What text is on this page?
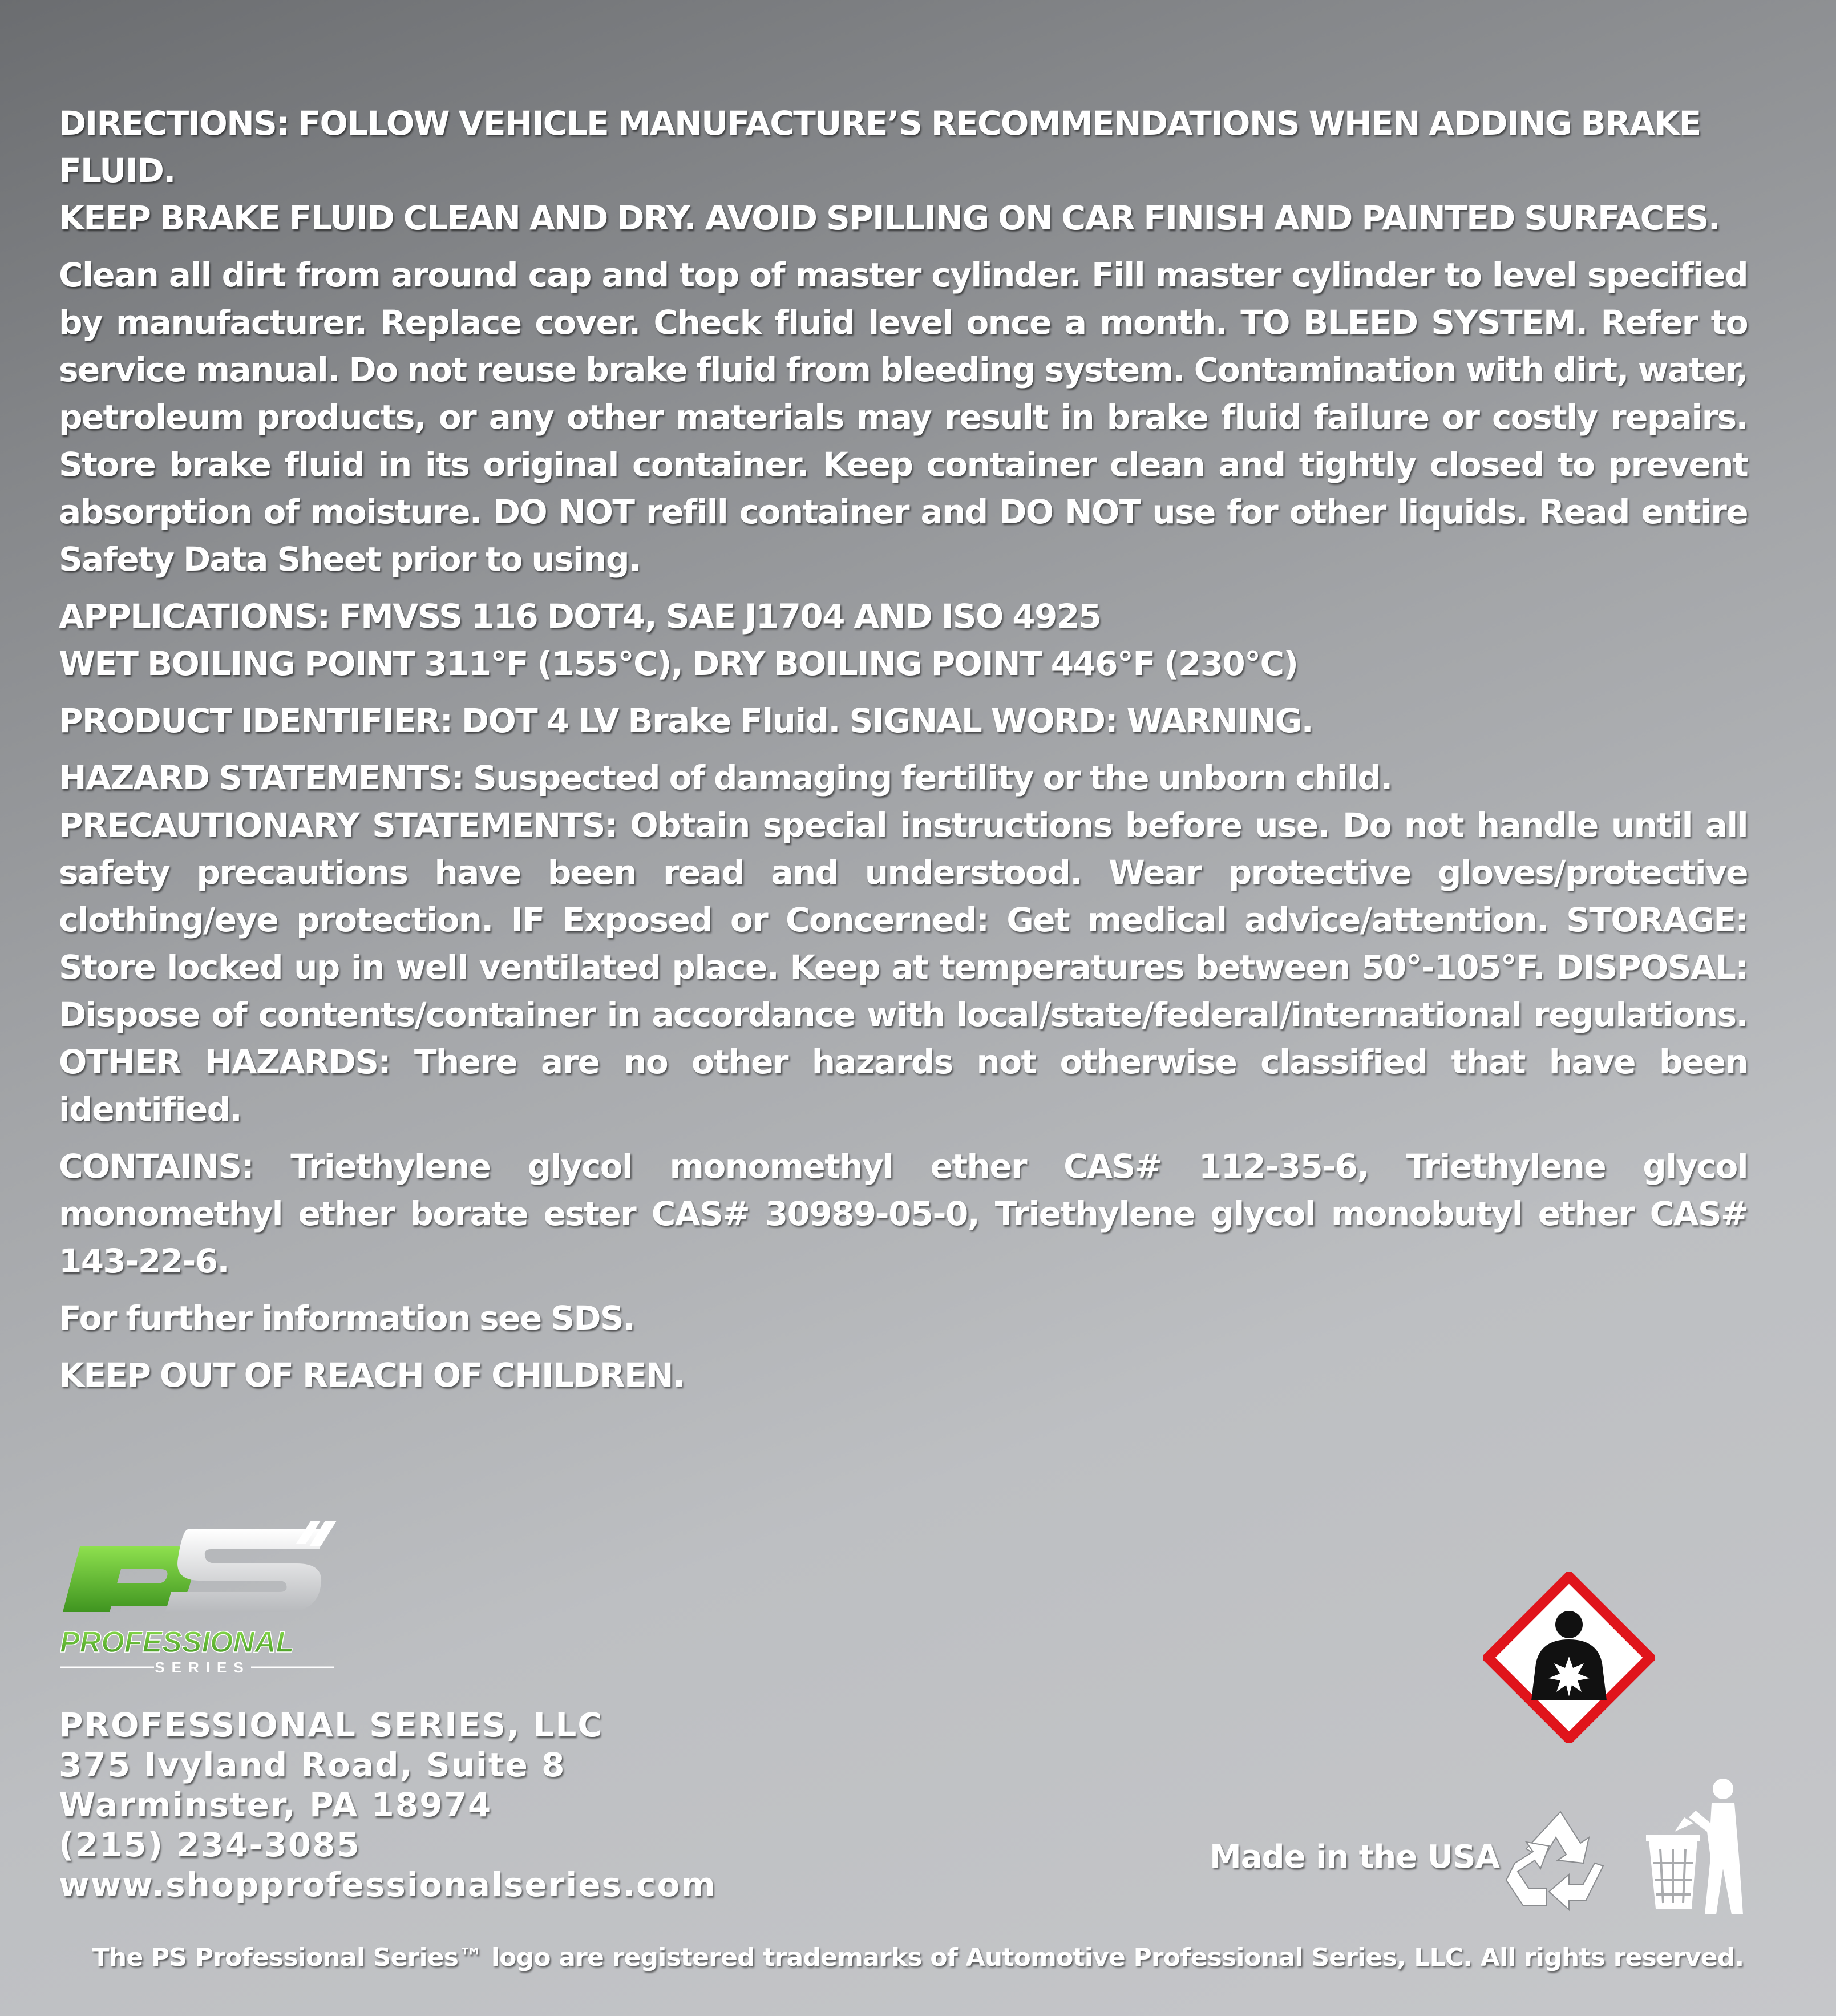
DIRECTIONS: FOLLOW VEHICLE MANUFACTURE’S RECOMMENDATIONS WHEN ADDING BRAKE FLUID.
KEEP BRAKE FLUID CLEAN AND DRY. AVOID SPILLING ON CAR FINISH AND PAINTED SURFACES.

Clean all dirt from around cap and top of master cylinder. Fill master cylinder to level specified by manufacturer. Replace cover. Check fluid level once a month. TO BLEED SYSTEM. Refer to service manual. Do not reuse brake fluid from bleeding system. Contamination with dirt, water, petroleum products, or any other materials may result in brake fluid failure or costly repairs. Store brake fluid in its original container. Keep container clean and tightly closed to prevent absorption of moisture. DO NOT refill container and DO NOT use for other liquids. Read entire Safety Data Sheet prior to using.

APPLICATIONS: FMVSS 116 DOT4, SAE J1704 AND ISO 4925
WET BOILING POINT 311°F (155°C), DRY BOILING POINT 446°F (230°C)

PRODUCT IDENTIFIER: DOT 4 LV Brake Fluid. SIGNAL WORD: WARNING.

HAZARD STATEMENTS: Suspected of damaging fertility or the unborn child.

PRECAUTIONARY STATEMENTS: Obtain special instructions before use. Do not handle until all safety precautions have been read and understood. Wear protective gloves/protective clothing/eye protection. IF Exposed or Concerned: Get medical advice/attention. STORAGE: Store locked up in well ventilated place. Keep at temperatures between 50°-105°F. DISPOSAL: Dispose of contents/container in accordance with local/state/federal/international regulations. OTHER HAZARDS: There are no other hazards not otherwise classified that have been identified.

CONTAINS: Triethylene glycol monomethyl ether CAS# 112-35-6, Triethylene glycol monomethyl ether borate ester CAS# 30989-05-0, Triethylene glycol monobutyl ether CAS# 143-22-6.

For further information see SDS.

KEEP OUT OF REACH OF CHILDREN.

PROFESSIONAL
SERIES
PROFESSIONAL SERIES, LLC
375 Ivyland Road, Suite 8
Warminster, PA 18974
(215) 234-3085
www.shopprofessionalseries.com
Made in the USA
The PS Professional Series™ logo are registered trademarks of Automotive Professional Series, LLC. All rights reserved.
